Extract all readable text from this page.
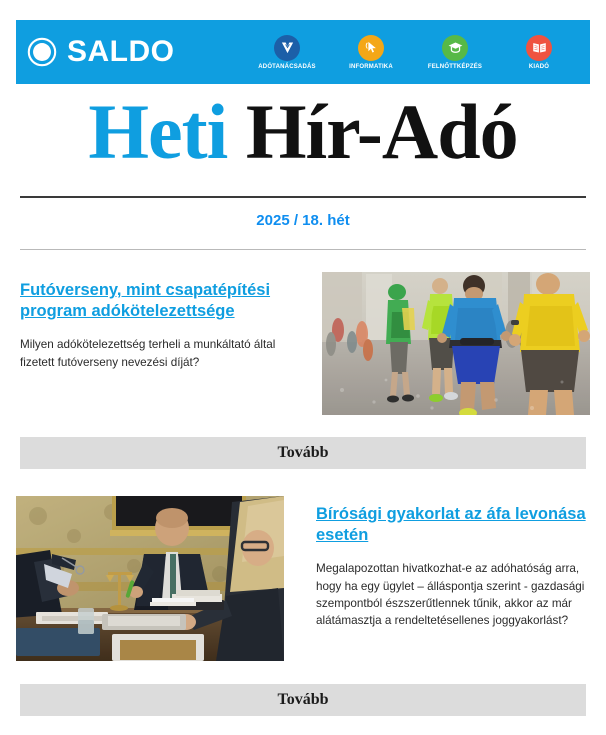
SALDO	ADÓTANÁCSADÁS	INFORMATIKA	FELNŐTTKÉPZÉS	KIADÓ
Heti Hír-Adó
2025 / 18. hét
Futóverseny, mint csapatépítési program adókötelezettsége

Milyen adókötelezettség terheli a munkáltató által fizetett futóverseny nevezési díját?

Tovább
Bírósági gyakorlat az áfa levonása esetén

Megalapozottan hivatkozhat-e az adóhatóság arra, hogy ha egy ügylet – álláspontja szerint - gazdasági szempontból észszerűtlennek tűnik, akkor az már alátámasztja a rendeltetésellenes joggyakorlást?

Tovább
